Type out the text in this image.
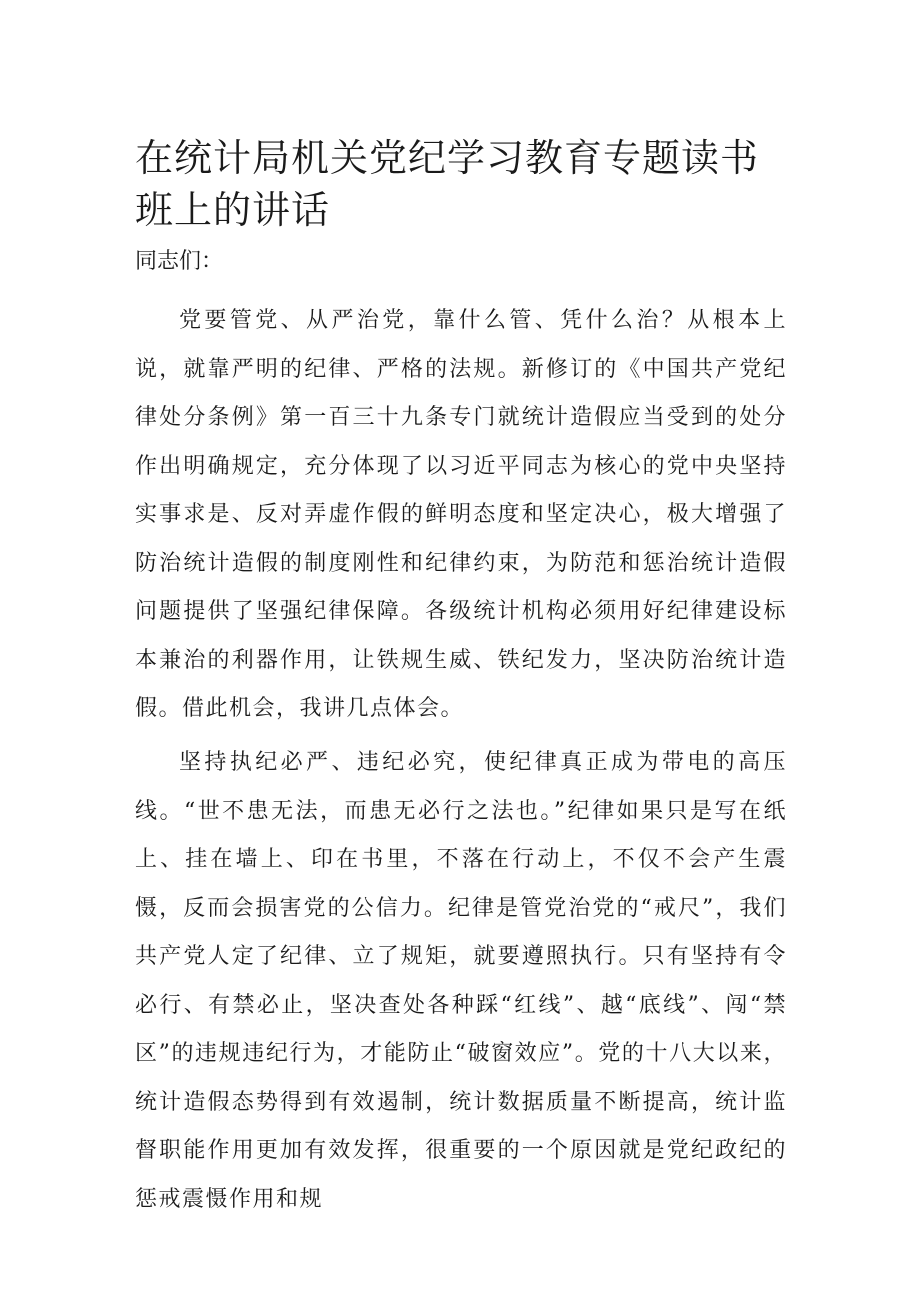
在统计局机关党纪学习教育专题读书班上的讲话

同志们：

党要管党、从严治党，靠什么管、凭什么治？从根本上说，就靠严明的纪律、严格的法规。新修订的《中国共产党纪律处分条例》第一百三十九条专门就统计造假应当受到的处分作出明确规定，充分体现了以习近平同志为核心的党中央坚持实事求是、反对弄虚作假的鲜明态度和坚定决心，极大增强了防治统计造假的制度刚性和纪律约束，为防范和惩治统计造假问题提供了坚强纪律保障。各级统计机构必须用好纪律建设标本兼治的利器作用，让铁规生威、铁纪发力，坚决防治统计造假。借此机会，我讲几点体会。

坚持执纪必严、违纪必究，使纪律真正成为带电的高压线。“世不患无法，而患无必行之法也。”纪律如果只是写在纸上、挂在墙上、印在书里，不落在行动上，不仅不会产生震慑，反而会损害党的公信力。纪律是管党治党的“戒尺”，我们共产党人定了纪律、立了规矩，就要遵照执行。只有坚持有令必行、有禁必止，坚决查处各种踩“红线”、越“底线”、闯“禁区”的违规违纪行为，才能防止“破窗效应”。党的十八大以来，统计造假态势得到有效遏制，统计数据质量不断提高，统计监督职能作用更加有效发挥，很重要的一个原因就是党纪政纪的惩戒震慑作用和规
